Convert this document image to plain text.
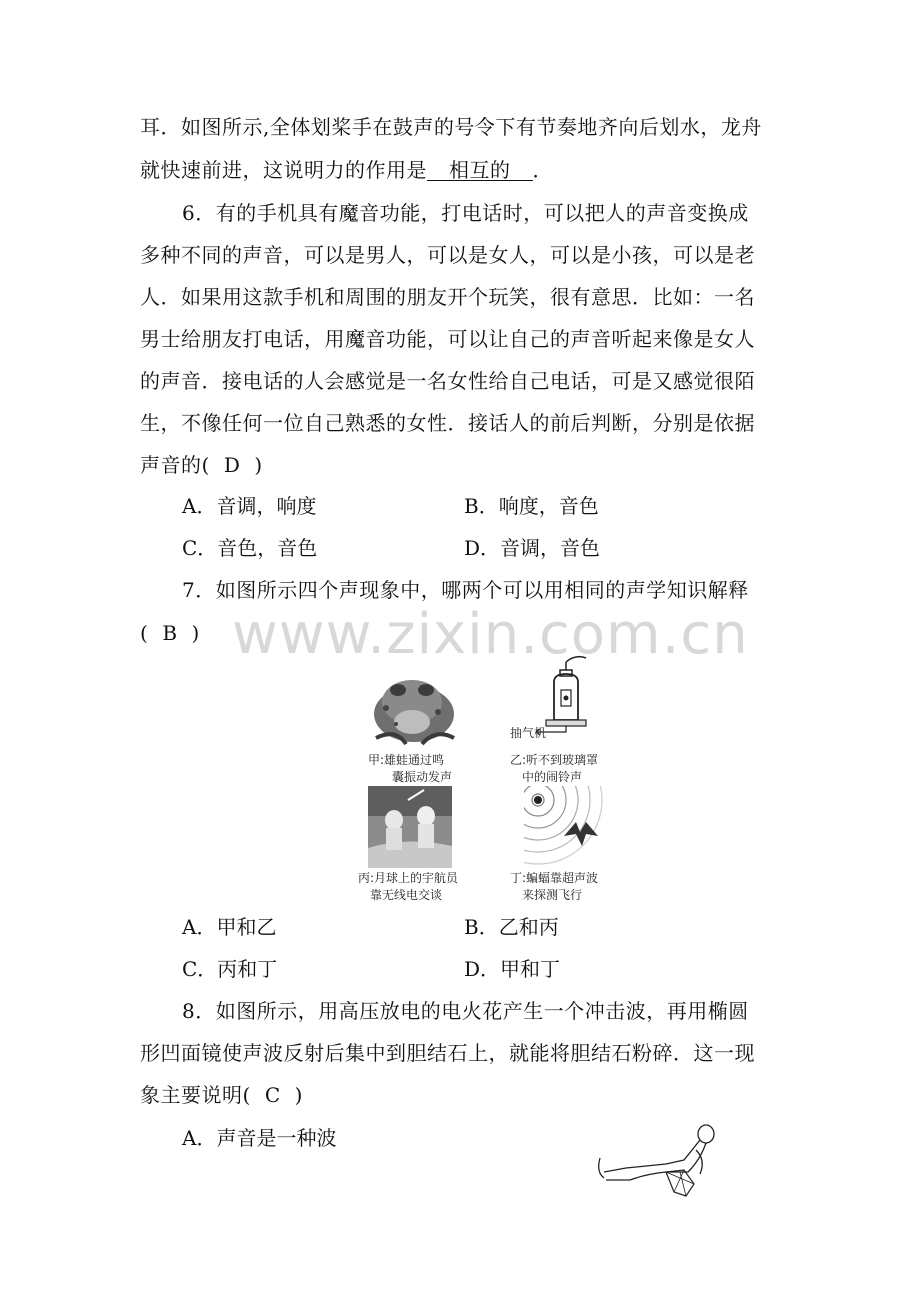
耳．如图所示,全体划桨手在鼓声的号令下有节奏地齐向后划水，龙舟
就快速前进，这说明力的作用是 相互的 ．
6．有的手机具有魔音功能，打电话时，可以把人的声音变换成
多种不同的声音，可以是男人，可以是女人，可以是小孩，可以是老
人．如果用这款手机和周围的朋友开个玩笑，很有意思．比如：一名
男士给朋友打电话，用魔音功能，可以让自己的声音听起来像是女人
的声音．接电话的人会感觉是一名女性给自己电话，可是又感觉很陌
生，不像任何一位自己熟悉的女性．接话人的前后判断，分别是依据
声音的( D )
A．音调，响度	B．响度，音色
C．音色，音色	D．音调，音色
7．如图所示四个声现象中，哪两个可以用相同的声学知识解释
( B ) www.zixin.com.cn
甲:雄蛙通过鸣
囊振动发声
抽气机
乙:听不到玻璃罩
中的闹铃声
丙:月球上的宇航员
靠无线电交谈
丁:蝙蝠靠超声波
来探测飞行
A．甲和乙	B．乙和丙
C．丙和丁	D．甲和丁
8．如图所示，用高压放电的电火花产生一个冲击波，再用椭圆
形凹面镜使声波反射后集中到胆结石上，就能将胆结石粉碎．这一现
象主要说明( C )
A．声音是一种波
